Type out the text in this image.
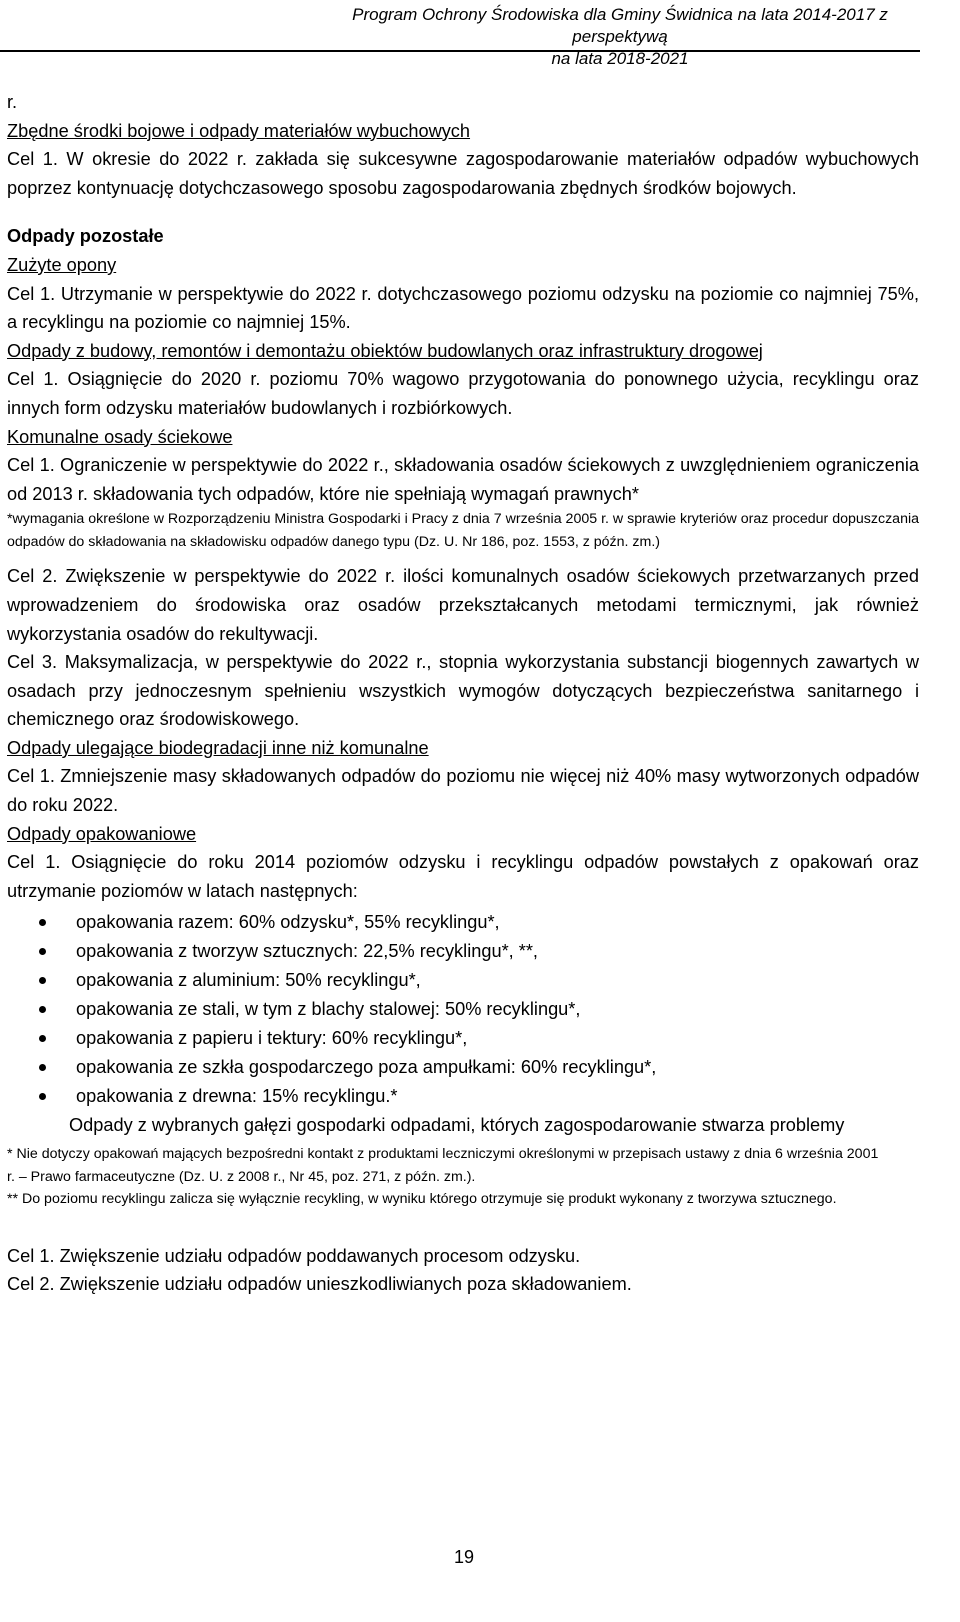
Program Ochrony Środowiska dla Gminy Świdnica na lata 2014-2017 z perspektywą
na lata 2018-2021

r.

Zbędne środki bojowe i odpady materiałów wybuchowych

Cel 1. W okresie do 2022 r. zakłada się sukcesywne zagospodarowanie materiałów odpadów wybuchowych poprzez kontynuację dotychczasowego sposobu zagospodarowania zbędnych środków bojowych.

Odpady pozostałe

Zużyte opony

Cel 1. Utrzymanie w perspektywie do 2022 r. dotychczasowego poziomu odzysku na poziomie co najmniej 75%, a recyklingu na poziomie co najmniej 15%.

Odpady z budowy, remontów i demontażu obiektów budowlanych oraz infrastruktury drogowej

Cel 1. Osiągnięcie do 2020 r. poziomu 70% wagowo przygotowania do ponownego użycia, recyklingu oraz innych form odzysku materiałów budowlanych i rozbiórkowych.

Komunalne osady ściekowe

Cel 1. Ograniczenie w perspektywie do 2022 r., składowania osadów ściekowych z uwzględnieniem ograniczenia od 2013 r. składowania tych odpadów, które nie spełniają wymagań prawnych*

*wymagania określone w Rozporządzeniu Ministra Gospodarki i Pracy z dnia 7 września 2005 r. w sprawie kryteriów oraz procedur dopuszczania odpadów do składowania na składowisku odpadów danego typu (Dz. U. Nr 186, poz. 1553, z późn. zm.)

Cel 2. Zwiększenie w perspektywie do 2022 r. ilości komunalnych osadów ściekowych przetwarzanych przed wprowadzeniem do środowiska oraz osadów przekształcanych metodami termicznymi, jak również wykorzystania osadów do rekultywacji.

Cel 3. Maksymalizacja, w perspektywie do 2022 r., stopnia wykorzystania substancji biogennych zawartych w osadach przy jednoczesnym spełnieniu wszystkich wymogów dotyczących bezpieczeństwa sanitarnego i chemicznego oraz środowiskowego.

Odpady ulegające biodegradacji inne niż komunalne

Cel 1. Zmniejszenie masy składowanych odpadów do poziomu nie więcej niż 40% masy wytworzonych odpadów do roku 2022.

Odpady opakowaniowe

Cel 1. Osiągnięcie do roku 2014 poziomów odzysku i recyklingu odpadów powstałych z opakowań oraz utrzymanie poziomów w latach następnych:

opakowania razem: 60% odzysku*, 55% recyklingu*,
opakowania z tworzyw sztucznych: 22,5% recyklingu*, **,
opakowania z aluminium: 50% recyklingu*,
opakowania ze stali, w tym z blachy stalowej: 50% recyklingu*,
opakowania z papieru i tektury: 60% recyklingu*,
opakowania ze szkła gospodarczego poza ampułkami: 60% recyklingu*,
opakowania z drewna: 15% recyklingu.*

Odpady z wybranych gałęzi gospodarki odpadami, których zagospodarowanie stwarza problemy

* Nie dotyczy opakowań mających bezpośredni kontakt z produktami leczniczymi określonymi w przepisach ustawy z dnia 6 września 2001

r. – Prawo farmaceutyczne (Dz. U. z 2008 r., Nr 45, poz. 271, z późn. zm.).

** Do poziomu recyklingu zalicza się wyłącznie recykling, w wyniku którego otrzymuje się produkt wykonany z tworzywa sztucznego.

Cel 1. Zwiększenie udziału odpadów poddawanych procesom odzysku.

Cel 2. Zwiększenie udziału odpadów unieszkodliwianych poza składowaniem.

19
